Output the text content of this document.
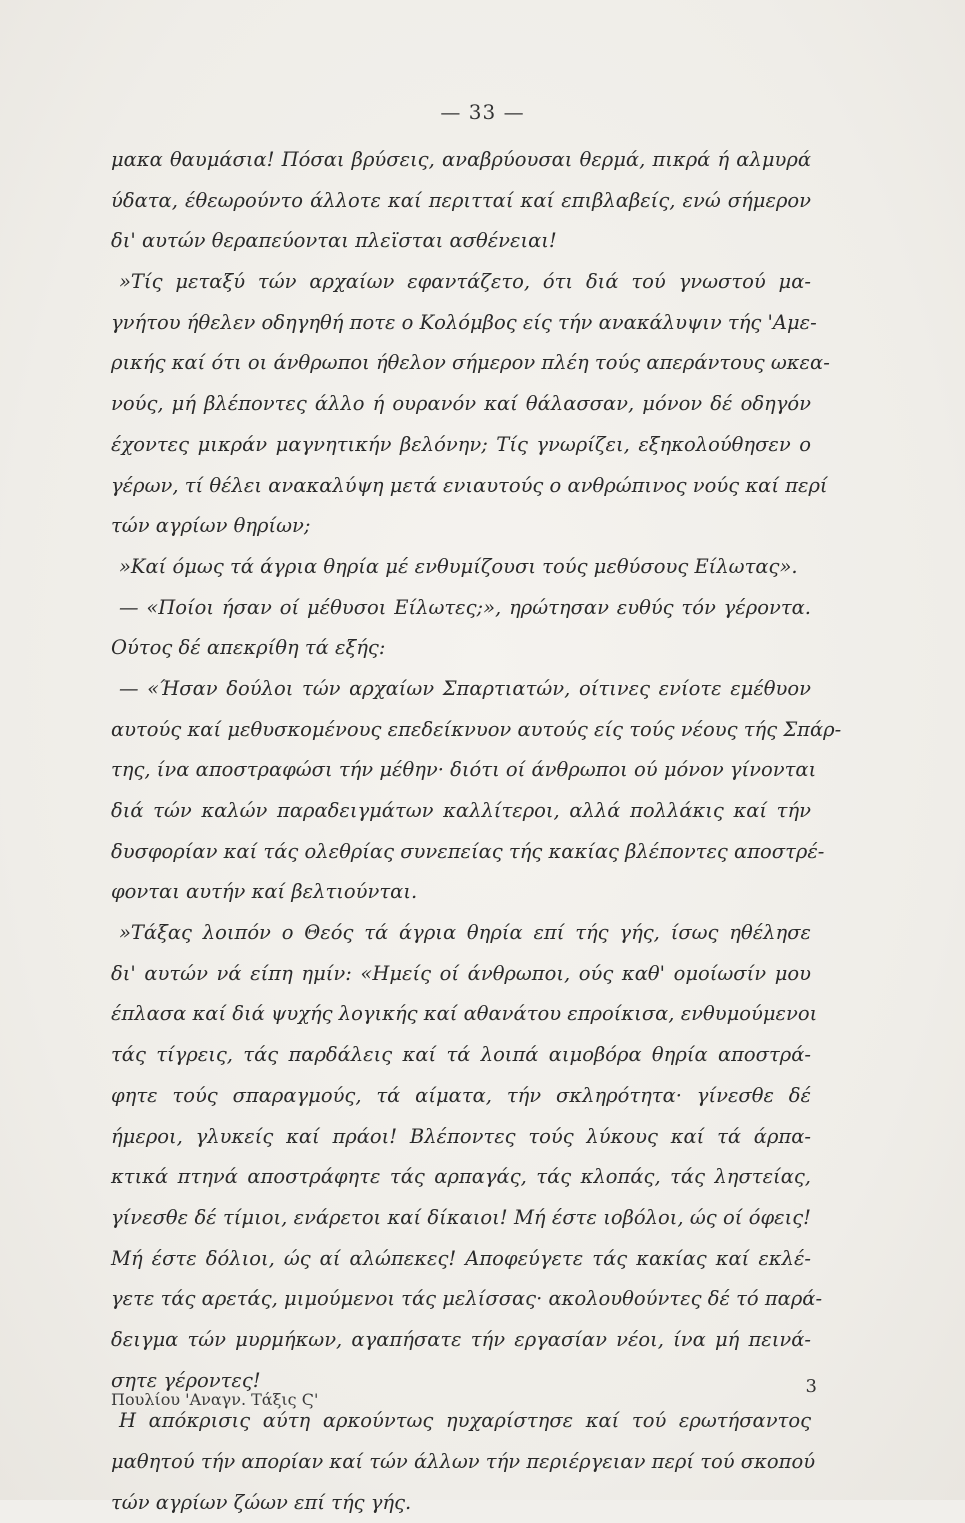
— 33 —
μακα θαυμάσια! Πόσαι βρύσεις, αναβρύουσαι θερμά, πικρά ή αλμυρά
ύδατα, έθεωρούντο άλλοτε καί περιτταί καί επιβλαβείς, ενώ σήμερον
δι' αυτών θεραπεύονται πλεϊσται ασθένειαι!
»Τίς μεταξύ τών αρχαίων εφαντάζετο, ότι διά τού γνωστού μα-
γνήτου ήθελεν οδηγηθή ποτε ο Κολόμβος είς τήν ανακάλυψιν τής 'Αμε-
ρικής καί ότι οι άνθρωποι ήθελον σήμερον πλέη τούς απεράντους ωκεα-
νούς, μή βλέποντες άλλο ή ουρανόν καί θάλασσαν, μόνον δέ οδηγόν
έχοντες μικράν μαγνητικήν βελόνην; Τίς γνωρίζει, εξηκολούθησεν ο
γέρων, τί θέλει ανακαλύψη μετά ενιαυτούς ο ανθρώπινος νούς καί περί
τών αγρίων θηρίων;
»Καί όμως τά άγρια θηρία μέ ενθυμίζουσι τούς μεθύσους Είλωτας».
— «Ποίοι ήσαν οί μέθυσοι Είλωτες;», ηρώτησαν ευθύς τόν γέροντα.
Ούτος δέ απεκρίθη τά εξής:
— «Ήσαν δούλοι τών αρχαίων Σπαρτιατών, οίτινες ενίοτε εμέθυον
αυτούς καί μεθυσκομένους επεδείκνυον αυτούς είς τούς νέους τής Σπάρ-
της, ίνα αποστραφώσι τήν μέθην· διότι οί άνθρωποι ού μόνον γίνονται
διά τών καλών παραδειγμάτων καλλίτεροι, αλλά πολλάκις καί τήν
δυσφορίαν καί τάς ολεθρίας συνεπείας τής κακίας βλέποντες αποστρέ-
φονται αυτήν καί βελτιούνται.
»Τάξας λοιπόν ο Θεός τά άγρια θηρία επί τής γής, ίσως ηθέλησε
δι' αυτών νά είπη ημίν: «Ημείς οί άνθρωποι, ούς καθ' ομοίωσίν μου
έπλασα καί διά ψυχής λογικής καί αθανάτου επροίκισα, ενθυμούμενοι
τάς τίγρεις, τάς παρδάλεις καί τά λοιπά αιμοβόρα θηρία αποστρά-
φητε τούς σπαραγμούς, τά αίματα, τήν σκληρότητα· γίνεσθε δέ
ήμεροι, γλυκείς καί πράοι! Βλέποντες τούς λύκους καί τά άρπα-
κτικά πτηνά αποστράφητε τάς αρπαγάς, τάς κλοπάς, τάς ληστείας,
γίνεσθε δέ τίμιοι, ενάρετοι καί δίκαιοι! Μή έστε ιοβόλοι, ώς οί όφεις!
Μή έστε δόλιοι, ώς αί αλώπεκες! Αποφεύγετε τάς κακίας καί εκλέ-
γετε τάς αρετάς, μιμούμενοι τάς μελίσσας· ακολουθούντες δέ τό παρά-
δειγμα τών μυρμήκων, αγαπήσατε τήν εργασίαν νέοι, ίνα μή πεινά-
σητε γέροντες!
Η απόκρισις αύτη αρκούντως ηυχαρίστησε καί τού ερωτήσαντος
μαθητού τήν απορίαν καί τών άλλων τήν περιέργειαν περί τού σκοπού
τών αγρίων ζώων επί τής γής.
Πουλίου 'Αναγν. Τάξις Ϛ'
3
